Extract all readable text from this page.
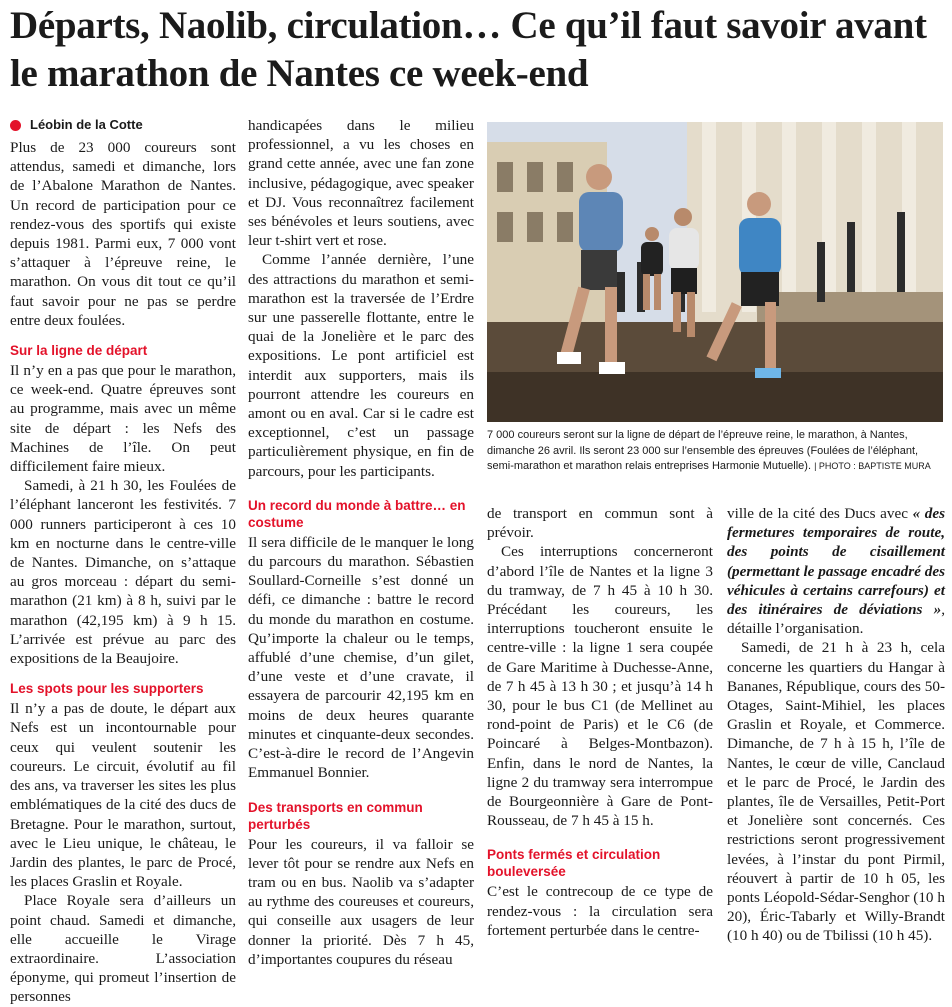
Départs, Naolib, circulation… Ce qu’il faut savoir avant le marathon de Nantes ce week-end
Léobin de la Cotte

Plus de 23 000 coureurs sont attendus, samedi et dimanche, lors de l’Abalone Marathon de Nantes. Un record de participation pour ce rendez-vous des sportifs qui existe depuis 1981. Parmi eux, 7 000 vont s’attaquer à l’épreuve reine, le marathon. On vous dit tout ce qu’il faut savoir pour ne pas se perdre entre deux foulées.

Sur la ligne de départ

Il n’y en a pas que pour le marathon, ce week-end. Quatre épreuves sont au programme, mais avec un même site de départ : les Nefs des Machines de l’île. On peut difficilement faire mieux.

Samedi, à 21 h 30, les Foulées de l’éléphant lanceront les festivités. 7 000 runners participeront à ces 10 km en nocturne dans le centre-ville de Nantes. Dimanche, on s’attaque au gros morceau : départ du semi-marathon (21 km) à 8 h, suivi par le marathon (42,195 km) à 9 h 15. L’arrivée est prévue au parc des expositions de la Beaujoire.

Les spots pour les supporters

Il n’y a pas de doute, le départ aux Nefs est un incontournable pour ceux qui veulent soutenir les coureurs. Le circuit, évolutif au fil des ans, va traverser les sites les plus emblématiques de la cité des ducs de Bretagne. Pour le marathon, surtout, avec le Lieu unique, le château, le Jardin des plantes, le parc de Procé, les places Graslin et Royale.

Place Royale sera d’ailleurs un point chaud. Samedi et dimanche, elle accueille le Virage extraordinaire. L’association éponyme, qui promeut l’insertion de personnes

handicapées dans le milieu professionnel, a vu les choses en grand cette année, avec une fan zone inclusive, pédagogique, avec speaker et DJ. Vous reconnaîtrez facilement ses bénévoles et leurs soutiens, avec leur t-shirt vert et rose.

Comme l’année dernière, l’une des attractions du marathon et semi-marathon est la traversée de l’Erdre sur une passerelle flottante, entre le quai de la Jonelière et le parc des expositions. Le pont artificiel est interdit aux supporters, mais ils pourront attendre les coureurs en amont ou en aval. Car si le cadre est exceptionnel, c’est un passage particulièrement physique, en fin de parcours, pour les participants.

Un record du monde à battre… en costume

Il sera difficile de le manquer le long du parcours du marathon. Sébastien Soullard-Corneille s’est donné un défi, ce dimanche : battre le record du monde du marathon en costume. Qu’importe la chaleur ou le temps, affublé d’une chemise, d’un gilet, d’une veste et d’une cravate, il essayera de parcourir 42,195 km en moins de deux heures quarante minutes et cinquante-deux secondes. C’est-à-dire le record de l’Angevin Emmanuel Bonnier.

Des transports en commun perturbés

Pour les coureurs, il va falloir se lever tôt pour se rendre aux Nefs en tram ou en bus. Naolib va s’adapter au rythme des coureuses et coureurs, qui conseille aux usagers de leur donner la priorité. Dès 7 h 45, d’importantes coupures du réseau

7 000 coureurs seront sur la ligne de départ de l’épreuve reine, le marathon, à Nantes, dimanche 26 avril. Ils seront 23 000 sur l’ensemble des épreuves (Foulées de l’éléphant, semi-marathon et marathon relais entreprises Harmonie Mutuelle). | PHOTO : BAPTISTE MURA

de transport en commun sont à prévoir.

Ces interruptions concerneront d’abord l’île de Nantes et la ligne 3 du tramway, de 7 h 45 à 10 h 30. Précédant les coureurs, les interruptions toucheront ensuite le centre-ville : la ligne 1 sera coupée de Gare Maritime à Duchesse-Anne, de 7 h 45 à 13 h 30 ; et jusqu’à 14 h 30, pour le bus C1 (de Mellinet au rond-point de Paris) et le C6 (de Poincaré à Belges-Montbazon). Enfin, dans le nord de Nantes, la ligne 2 du tramway sera interrompue de Bourgeonnière à Gare de Pont-Rousseau, de 7 h 45 à 15 h.

Ponts fermés et circulation bouleversée

C’est le contrecoup de ce type de rendez-vous : la circulation sera fortement perturbée dans le centre-

ville de la cité des Ducs avec « des fermetures temporaires de route, des points de cisaillement (permettant le passage encadré des véhicules à certains carrefours) et des itinéraires de déviations », détaille l’organisation.

Samedi, de 21 h à 23 h, cela concerne les quartiers du Hangar à Bananes, République, cours des 50-Otages, Saint-Mihiel, les places Graslin et Royale, et Commerce. Dimanche, de 7 h à 15 h, l’île de Nantes, le cœur de ville, Canclaud et le parc de Procé, le Jardin des plantes, île de Versailles, Petit-Port et Jonelière sont concernés. Ces restrictions seront progressivement levées, à l’instar du pont Pirmil, réouvert à partir de 10 h 05, les ponts Léopold-Sédar-Senghor (10 h 20), Éric-Tabarly et Willy-Brandt (10 h 40) ou de Tbilissi (10 h 45).
